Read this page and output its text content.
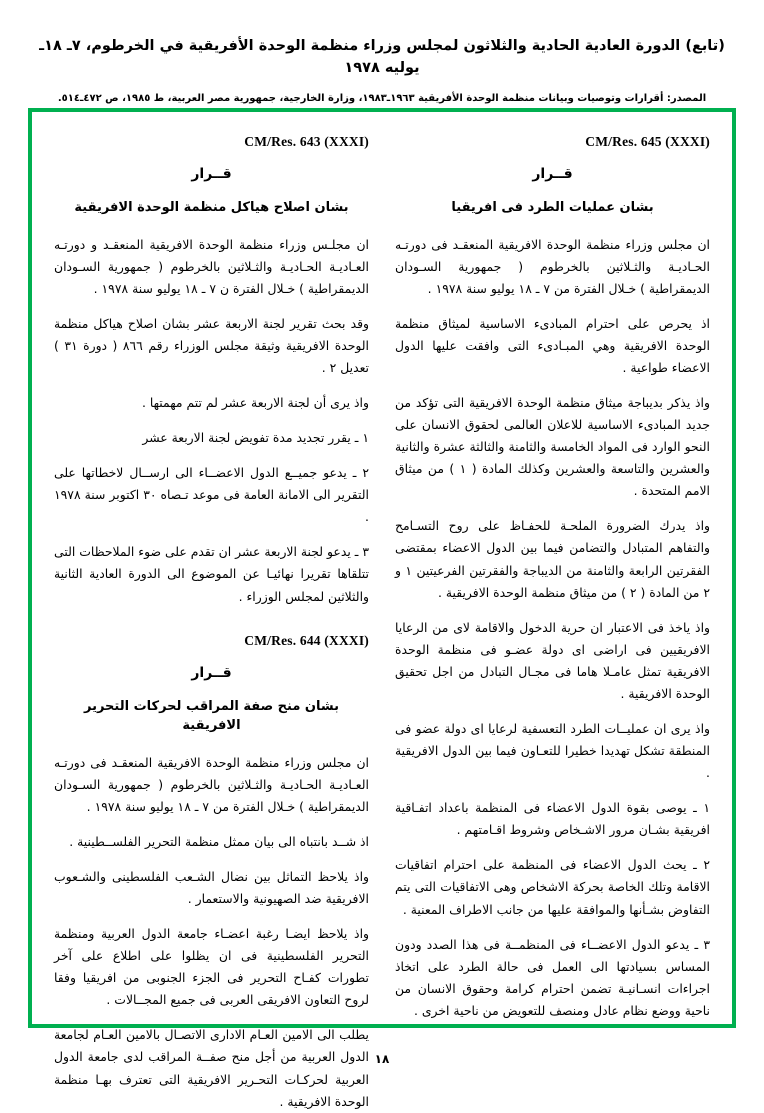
(تابع) الدورة العادية الحادية والثلاثون لمجلس وزراء منظمة الوحدة الأفريقية في الخرطوم، ٧ـ ١٨ـ يوليه ١٩٧٨
المصدر: أقرارات وتوصيات وبيانات منظمة الوحدة الأفريقية ١٩٦٣ـ١٩٨٣، وزارة الخارجية، جمهورية مصر العربية، ط ١٩٨٥، ص ٤٧٢ـ٥١٤.
CM/Res. 645 (XXXI)
قــرار
بشان عمليات الطرد فى افريقيا

ان مجلس وزراء منظمة الوحدة الافريقية المنعقـد فى دورتـه الحـاديـة والثـلاثين بالخرطوم ( جمهورية السـودان الديمقراطية ) خـلال الفترة من ٧ ـ ١٨ يوليو سنة ١٩٧٨ .

اذ يحرص على احترام المبادىء الاساسية لميثاق منظمة الوحدة الافريقية وهي المبـادىء التى وافقت عليها الدول الاعضاء طواعية .

واذ يذكر بديباجة ميثاق منظمة الوحدة الافريقية التى تؤكد من جديد المبادىء الاساسية للاعلان العالمى لحقوق الانسان على النحو الوارد فى المواد الخامسة والثامنة والثالثة عشرة والثانية والعشرين والتاسعة والعشرين وكذلك المادة ( ١ ) من ميثاق الامم المتحدة .

واذ يدرك الضرورة الملحـة للحفـاظ على روح التسـامح والتفاهم المتبادل والتضامن فيما بين الدول الاعضاء بمقتضى الفقرتين الرابعة والثامنة من الديباجة والفقرتين الفرعيتين ١ و ٢ من المادة ( ٢ ) من ميثاق منظمة الوحدة الافريقية .

واذ ياخذ فى الاعتبار ان حرية الدخول والاقامة لاى من الرعايا الافريقيين فى اراضى اى دولة عضـو فى منظمة الوحدة الافريقية تمثل عامـلا هاما فى مجـال التبادل من اجل تحقيق الوحدة الافريقية .

واذ يرى ان عمليــات الطرد التعسفية لرعايا اى دولة عضو فى المنطقة تشكل تهديدا خطيرا للتعـاون فيما بين الدول الافريقية .

١ ـ يوصى بقوة الدول الاعضاء فى المنظمة باعداد اتفـاقية افريقية بشـان مرور الاشـخاص وشروط اقـامتهم .

٢ ـ يحث الدول الاعضاء فى المنظمة على احترام اتفاقيات الاقامة وتلك الخاصة بحركة الاشخاص وهى الاتفاقيات التى يتم التفاوض بشـأنها والموافقة عليها من جانب الاطراف المعنية .

٣ ـ يدعو الدول الاعضــاء فى المنظمــة فى هذا الصدد ودون المساس بسيادتها الى العمل فى حالة الطرد على اتخاذ اجراءات انسـانيـة تضمن احترام كرامة وحقوق الانسان من ناحية ووضع نظام عادل ومنصف للتعويض من ناحية اخرى .

CM/Res. 643 (XXXI)
قــرار
بشان اصلاح هياكل منظمة الوحدة الافريقية

ان مجلـس وزراء منظمة الوحدة الافريقية المنعقـد و دورتـه العـاديـة الحـاديـة والثـلاثين بالخرطوم ( جمهورية السـودان الديمقراطية ) خـلال الفترة ن ٧ ـ ١٨ يوليو سنة ١٩٧٨ .

وقد بحث تقرير لجنة الاربعة عشر بشان اصلاح هياكل منظمة الوحدة الافريقية وثيقة مجلس الوزراء رقم ٨٦٦ ( دورة ٣١ ) تعديل ٢ .

واذ يرى أن لجنة الاربعة عشر لم تتم مهمتها .

١ ـ يقرر تجديد مدة تفويض لجنة الاربعة عشر

٢ ـ يدعو جميــع الدول الاعضــاء الى ارســال لاخطاتها على التقرير الى الامانة العامة فى موعد تـصاه ٣٠ اكتوبر سنة ١٩٧٨ .

٣ ـ يدعو لجنة الاربعة عشر ان تقدم على ضوء الملاحظات التى تتلقاها تقريرا نهائيـا عن الموضوع الى الدورة العادية الثانية والثلاثين لمجلس الوزراء .

CM/Res. 644 (XXXI)
قــرار
بشان منح صفة المراقب لحركات التحرير الافريقية

ان مجلس وزراء منظمة الوحدة الافريقية المنعقـد فى دورتـه العـاديـة الحـاديـة والثـلاثين بالخرطوم ( جمهورية السـودان الديمقراطية ) خـلال الفترة من ٧ ـ ١٨ يوليو سنة ١٩٧٨ .

اذ شــد بانتباه الى بيان ممثل منظمة التحرير الفلســطينية .

واذ يلاحظ التماثل بين نضال الشـعب الفلسطينى والشـعوب الافريقية ضد الصهيونية والاستعمار .

واذ يلاحظ ايضـا رغبة اعضـاء جامعة الدول العربية ومنظمة التحرير الفلسطينية فى ان يظلوا على اطلاع على آخر تطورات كفـاح التحرير فى الجزء الجنوبى من افريقيا وفقا لروح التعاون الافريقى العربى فى جميع المجــالات .

يطلب الى الامين العـام الادارى الاتصـال بالامين العـام لجامعة الدول العربية من أجل منح صفــة المراقب لدى جامعة الدول العربية لحركـات التحـرير الافريقية التى تعترف بهـا منظمة الوحدة الافريقية .

١٨
